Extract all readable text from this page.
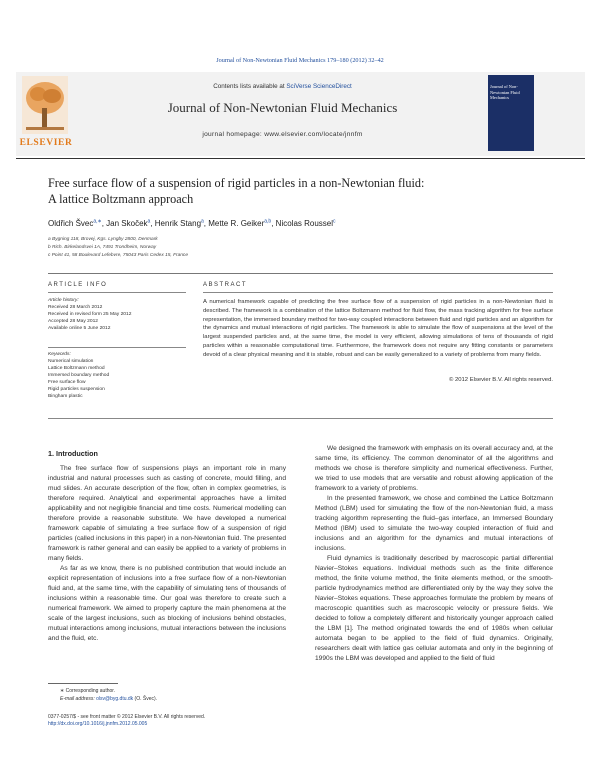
Journal of Non-Newtonian Fluid Mechanics 179–180 (2012) 32–42
ELSEVIER
Contents lists available at SciVerse ScienceDirect
Journal of Non-Newtonian Fluid Mechanics
journal homepage: www.elsevier.com/locate/jnnfm
Journal of Non-Newtonian Fluid Mechanics
Free surface flow of a suspension of rigid particles in a non-Newtonian fluid:
A lattice Boltzmann approach
Oldřich Švec$^{a,∗}$, Jan Skoček$^a$, Henrik Stang$^a$, Mette R. Geiker$^{a,b}$, Nicolas Roussel$^c$
a Bygning 118, Brovej, Kgs. Lyngby 2800, Denmark
b Rich. Birkelandsvei 1A, 7491 Trondheim, Norway
c Point 41, 58 Boulevard Lefebvre, 75043 Paris Cedex 15, France
ARTICLE INFO
Article history:
Received 28 March 2012
Received in revised form 25 May 2012
Accepted 28 May 2012
Available online 5 June 2012
Keywords:
Numerical simulation
Lattice Boltzmann method
Immersed boundary method
Free surface flow
Rigid particles suspension
Bingham plastic
ABSTRACT
A numerical framework capable of predicting the free surface flow of a suspension of rigid particles in a non-Newtonian fluid is described. The framework is a combination of the lattice Boltzmann method for fluid flow, the mass tracking algorithm for free surface representation, the immersed boundary method for two-way coupled interactions between fluid and rigid particles and an algorithm for the dynamics and mutual interactions of rigid particles. The framework is able to simulate the flow of suspensions at the level of the largest suspended particles and, at the same time, the model is very efficient, allowing simulations of tens of thousands of rigid particles within a reasonable computational time. Furthermore, the framework does not require any fitting constants or parameters devoid of a clear physical meaning and it is stable, robust and can be easily generalized to a variety of problems from many fields.
© 2012 Elsevier B.V. All rights reserved.
1. Introduction

The free surface flow of suspensions plays an important role in many industrial and natural processes such as casting of concrete, mould filling, and mud slides. An accurate description of the flow, often in complex geometries, is therefore required. Analytical and experimental approaches have a limited applicability and not negligible financial and time costs. Numerical modelling can therefore provide a reasonable substitute. We have developed a numerical framework capable of simulating a free surface flow of a suspension of rigid particles (called inclusions in this paper) in a non-Newtonian fluid. The presented framework is rather general and can easily be applied to a variety of problems in many fields.

As far as we know, there is no published contribution that would include an explicit representation of inclusions into a free surface flow of a non-Newtonian fluid and, at the same time, with the capability of simulating tens of thousands of inclusions within a reasonable time. Our goal was therefore to create such a numerical framework. We aimed to properly capture the main phenomena at the scale of the largest inclusions, such as blocking of inclusions behind obstacles, mutual interactions among inclusions, mutual interactions between the inclusions and the fluid, etc.

We designed the framework with emphasis on its overall accuracy and, at the same time, its efficiency. The common denominator of all the algorithms and methods we chose is therefore simplicity and numerical effectiveness. Further, we tried to use models that are versatile and robust allowing application of the framework to a variety of problems.

In the presented framework, we chose and combined the Lattice Boltzmann Method (LBM) used for simulating the flow of the non-Newtonian fluid, a mass tracking algorithm representing the fluid–gas interface, an Immersed Boundary Method (IBM) used to simulate the two-way coupled interaction of fluid and inclusions and an algorithm for the dynamics and mutual interactions of inclusions.

Fluid dynamics is traditionally described by macroscopic partial differential Navier–Stokes equations. Individual methods such as the finite difference method, the finite volume method, the finite elements method, or the smooth-particle hydrodynamics method are differentiated only by the way they solve the Navier–Stokes equations. These approaches formulate the problem by means of macroscopic quantities such as macroscopic velocity or pressure fields. We decided to follow a completely different and historically younger approach called the LBM [1]. The method originated towards the end of 1980s when cellular automata began to be applied to the field of fluid dynamics. Originally, researchers dealt with lattice gas cellular automata and only in the beginning of 1990s the LBM was developed and applied to the field of fluid

∗ Corresponding author.
E-mail address: olsv@byg.dtu.dk (O. Švec).
0377-0257/$ - see front matter © 2012 Elsevier B.V. All rights reserved.
http://dx.doi.org/10.1016/j.jnnfm.2012.05.005
